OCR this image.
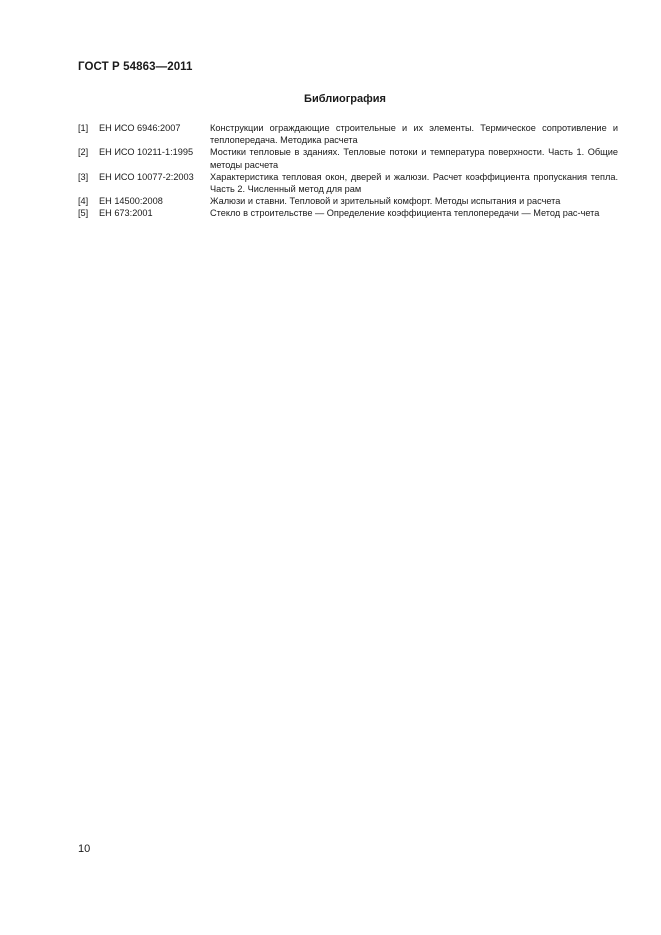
ГОСТ Р 54863—2011
Библиография
[1]	ЕН ИСО 6946:2007	Конструкции ограждающие строительные и их элементы. Термическое сопротивление и теплопередача. Методика расчета
[2]	ЕН ИСО 10211-1:1995	Мостики тепловые в зданиях. Тепловые потоки и температура поверхности. Часть 1. Общие методы расчета
[3]	ЕН ИСО 10077-2:2003	Характеристика тепловая окон, дверей и жалюзи. Расчет коэффициента пропускания тепла. Часть 2. Численный метод для рам
[4]	ЕН 14500:2008	Жалюзи и ставни. Тепловой и зрительный комфорт. Методы испытания и расчета
[5]	ЕН 673:2001	Стекло в строительстве — Определение коэффициента теплопередачи — Метод рас-чета
10
